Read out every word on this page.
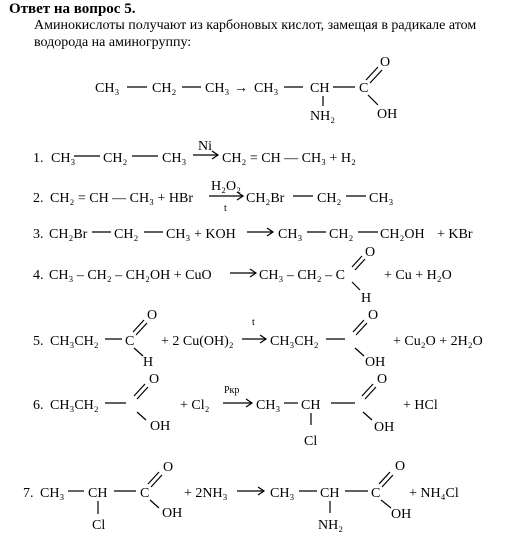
Ответ на вопрос 5.

Аминокислоты получают из карбоновых кислот, замещая в радикале атом водорода на аминогруппу:

CH₃ CH₂ CH₃ → CH₃ CH
NH₂
C
O
OH
1. CH₃ CH₂ CH₃
Ni
CH₂ = CH — CH₃ + H₂
2. CH₂ = CH — CH₃ + HBr
H₂O₂
t
CH₂Br CH₂ CH₃
3. CH₂Br CH₂ CH₃ + KOH	CH₃ CH₂ CH₂OH + KBr
4. CH₃ – CH₂ – CH₂OH + CuO	CH₃ – CH₂ – C
O
H
+ Cu + H₂O
5. CH₃CH₂ C
O
H
+ 2 Cu(OH)₂
t
CH₃CH₂
O
OH
+ Cu₂O + 2H₂O
6. CH₃CH₂
O
OH
+ Cl₂
Pкр
CH₃ CH
Cl
O
OH
+ HCl
7. CH₃ CH
Cl
C
O
OH
+ 2NH₃	CH₃ CH
NH₂
C
O
OH
+ NH₄Cl
